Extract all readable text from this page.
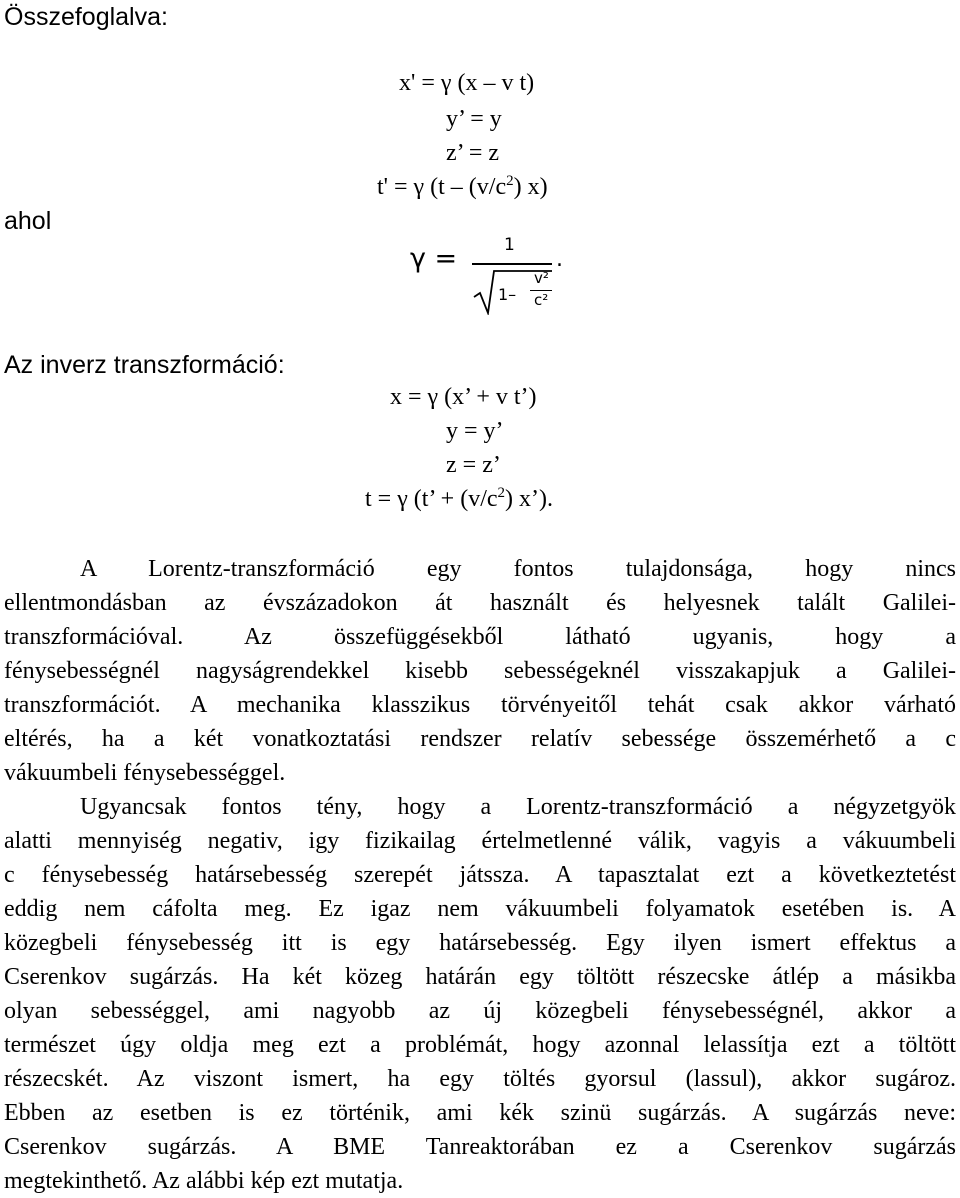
Összefoglalva:
x' = γ (x – v t)
y’ = y
z’ = z
t' = γ ($t - (v/c^2)$ x)
ahol
γ =	1
1–
v²
c²
.
Az inverz transzformáció:
x = γ (x’ + v t’)
y = y’
z = z’
t = γ (t’ + $(v/c^2)$ x’).
A Lorentz-transzformáció egy fontos tulajdonsága, hogy nincs
ellentmondásban az évszázadokon át használt és helyesnek talált Galilei-
transzformációval. Az összefüggésekből látható ugyanis, hogy a
fénysebességnél nagyságrendekkel kisebb sebességeknél visszakapjuk a Galilei-
transzformációt. A mechanika klasszikus törvényeitől tehát csak akkor várható
eltérés, ha a két vonatkoztatási rendszer relatív sebessége összemérhető a c
vákuumbeli fénysebességgel.
Ugyancsak fontos tény, hogy a Lorentz-transzformáció a négyzetgyök
alatti mennyiség negativ, igy fizikailag értelmetlenné válik, vagyis a vákuumbeli
c fénysebesség határsebesség szerepét játssza. A tapasztalat ezt a következtetést
eddig nem cáfolta meg. Ez igaz nem vákuumbeli folyamatok esetében is. A
közegbeli fénysebesség itt is egy határsebesség. Egy ilyen ismert effektus a
Cserenkov sugárzás. Ha két közeg határán egy töltött részecske átlép a másikba
olyan sebességgel, ami nagyobb az új közegbeli fénysebességnél, akkor a
természet úgy oldja meg ezt a problémát, hogy azonnal lelassítja ezt a töltött
részecskét. Az viszont ismert, ha egy töltés gyorsul (lassul), akkor sugároz.
Ebben az esetben is ez történik, ami kék szinü sugárzás. A sugárzás neve:
Cserenkov sugárzás. A BME Tanreaktorában ez a Cserenkov sugárzás
megtekinthető. Az alábbi kép ezt mutatja.
